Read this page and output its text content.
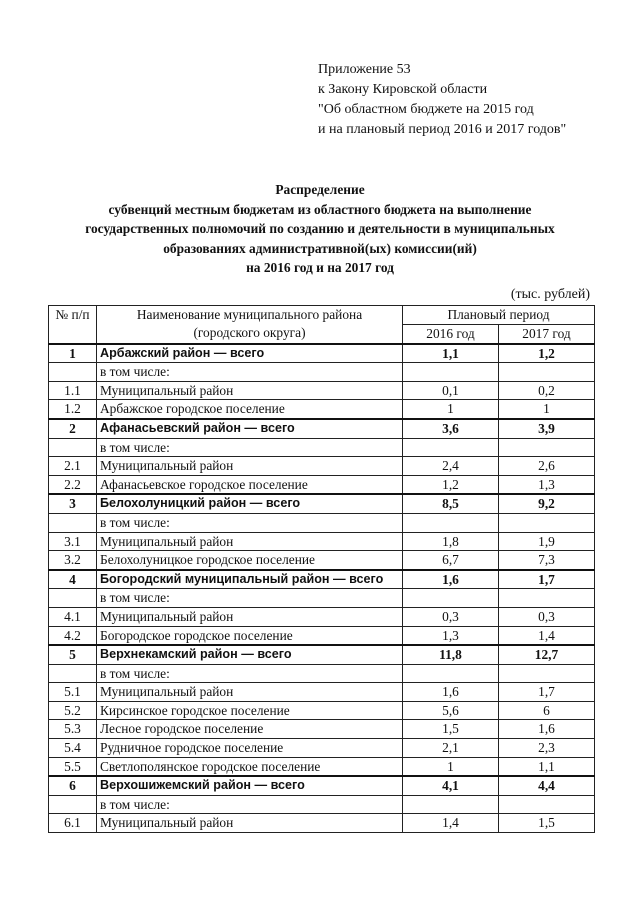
Приложение 53
к Закону Кировской области
"Об областном бюджете на 2015 год
и на плановый период 2016 и 2017 годов"
Распределение
субвенций местным бюджетам из областного бюджета на выполнение
государственных полномочий по созданию и деятельности в муниципальных
образованиях административной(ых) комиссии(ий)
на 2016 год и на 2017 год
(тыс. рублей)
№ п/п	Наименование муниципального района
(городского округа)	Плановый период	
		2016 год	2017 год
1	Арбажский район — всего	1,1	1,2
	в том числе:		
1.1	Муниципальный район	0,1	0,2
1.2	Арбажское городское поселение	1	1
2	Афанасьевский район — всего	3,6	3,9
	в том числе:		
2.1	Муниципальный район	2,4	2,6
2.2	Афанасьевское городское поселение	1,2	1,3
3	Белохолуницкий район — всего	8,5	9,2
	в том числе:		
3.1	Муниципальный район	1,8	1,9
3.2	Белохолуницкое городское поселение	6,7	7,3
4	Богородский муниципальный район — всего	1,6	1,7
	в том числе:		
4.1	Муниципальный район	0,3	0,3
4.2	Богородское городское поселение	1,3	1,4
5	Верхнекамский район — всего	11,8	12,7
	в том числе:		
5.1	Муниципальный район	1,6	1,7
5.2	Кирсинское городское поселение	5,6	6
5.3	Лесное городское поселение	1,5	1,6
5.4	Рудничное городское поселение	2,1	2,3
5.5	Светлополянское городское поселение	1	1,1
6	Верхошижемский район — всего	4,1	4,4
	в том числе:		
6.1	Муниципальный район	1,4	1,5
